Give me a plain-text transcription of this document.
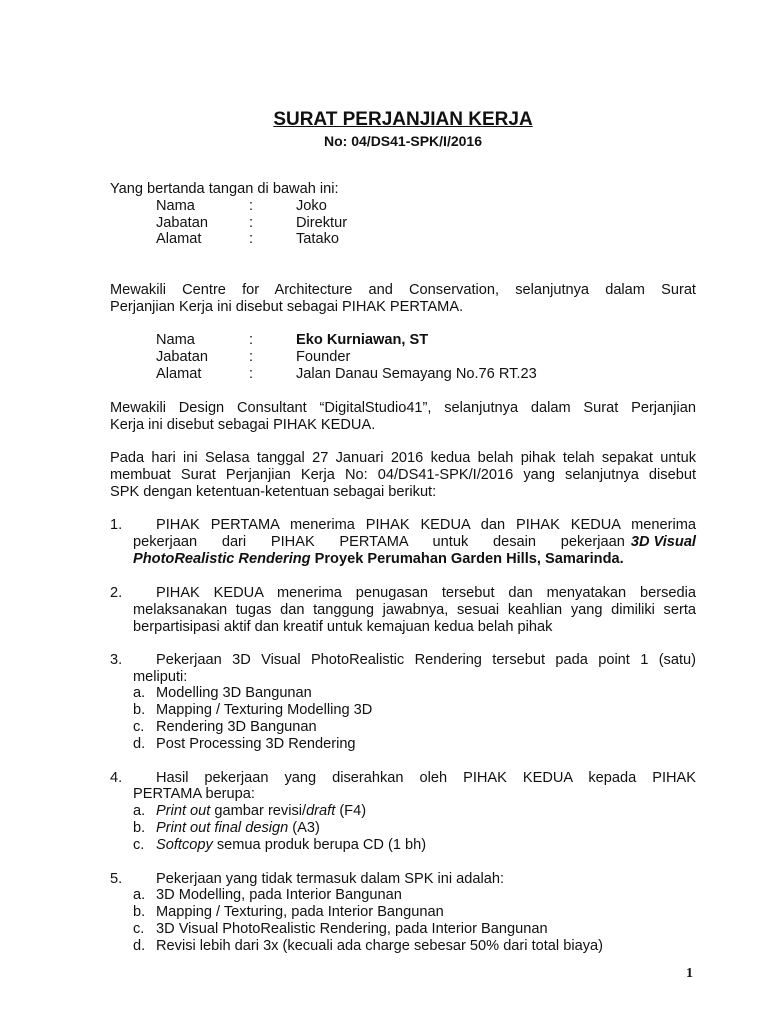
SURAT PERJANJIAN KERJA
No: 04/DS41-SPK/I/2016
Yang bertanda tangan di bawah ini:
Nama	:	Joko
Jabatan	:	Direktur
Alamat	:	Tatako
Mewakili Centre for Architecture and Conservation, selanjutnya dalam Surat
Perjanjian Kerja ini disebut sebagai PIHAK PERTAMA.
Nama	:	Eko Kurniawan, ST
Jabatan	:	Founder
Alamat	:	Jalan Danau Semayang No.76 RT.23
Mewakili Design Consultant “DigitalStudio41”, selanjutnya dalam Surat Perjanjian
Kerja ini disebut sebagai PIHAK KEDUA.
Pada hari ini Selasa tanggal 27 Januari 2016 kedua belah pihak telah sepakat untuk
membuat Surat Perjanjian Kerja No: 04/DS41-SPK/I/2016 yang selanjutnya disebut
SPK dengan ketentuan-ketentuan sebagai berikut:
1. PIHAK PERTAMA menerima PIHAK KEDUA dan PIHAK KEDUA menerima
pekerjaan dari PIHAK PERTAMA untuk desain pekerjaan 3D Visual
PhotoRealistic Rendering Proyek Perumahan Garden Hills, Samarinda.
2. PIHAK KEDUA menerima penugasan tersebut dan menyatakan bersedia
melaksanakan tugas dan tanggung jawabnya, sesuai keahlian yang dimiliki serta
berpartisipasi aktif dan kreatif untuk kemajuan kedua belah pihak
3. Pekerjaan 3D Visual PhotoRealistic Rendering tersebut pada point 1 (satu)
meliputi:
a. Modelling 3D Bangunan
b. Mapping / Texturing Modelling 3D
c. Rendering 3D Bangunan
d. Post Processing 3D Rendering
4. Hasil pekerjaan yang diserahkan oleh PIHAK KEDUA kepada PIHAK
PERTAMA berupa:
a. Print out gambar revisi/draft (F4)
b. Print out final design (A3)
c. Softcopy semua produk berupa CD (1 bh)
5. Pekerjaan yang tidak termasuk dalam SPK ini adalah:
a. 3D Modelling, pada Interior Bangunan
b. Mapping / Texturing, pada Interior Bangunan
c. 3D Visual PhotoRealistic Rendering, pada Interior Bangunan
d. Revisi lebih dari 3x (kecuali ada charge sebesar 50% dari total biaya)
1
